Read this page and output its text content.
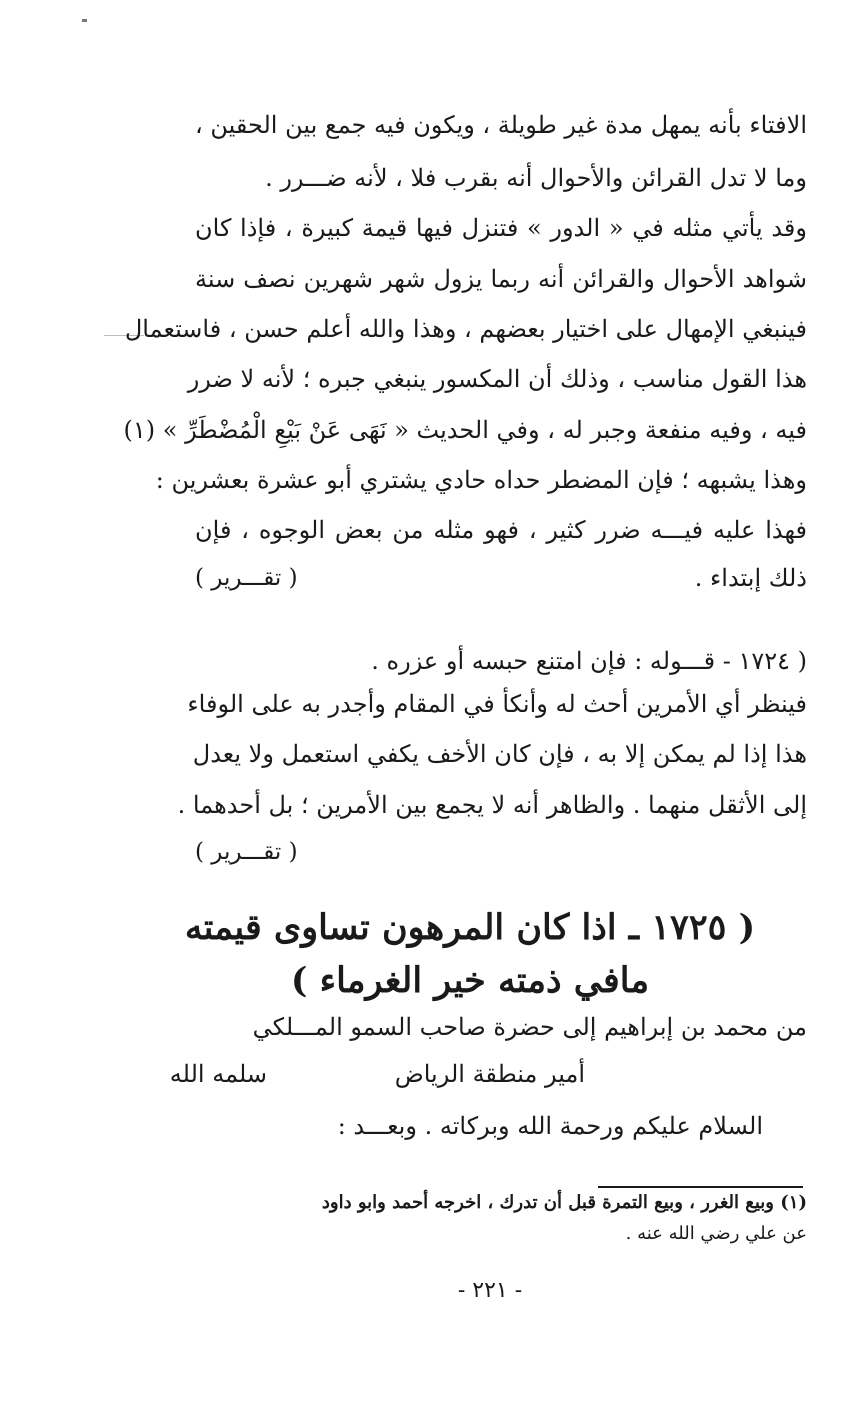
الافتاء بأنه يمهل مدة غير طويلة ، ويكون فيه جمع بين الحقين ،
وما لا تدل القرائن والأحوال أنه بقرب فلا ، لأنه ضـــرر .
وقد يأتي مثله في « الدور » فتنزل فيها قيمة كبيرة ، فإذا كان
شواهد الأحوال والقرائن أنه ربما يزول شهر شهرين نصف سنة
فينبغي الإمهال على اختيار بعضهم ، وهذا والله أعلم حسن ، فاستعمال
هذا القول مناسب ، وذلك أن المكسور ينبغي جبره ؛ لأنه لا ضرر
فيه ، وفيه منفعة وجبر له ، وفي الحديث « نَهَى عَنْ بَيْعِ الْمُضْطَرِّ » (١)
وهذا يشبهه ؛ فإن المضطر حداه حادي يشتري أبو عشرة بعشرين :
فهذا عليه فيـــه ضرر كثير ، فهو مثله من بعض الوجوه ، فإن
ذلك إبتداء .
( تقـــرير )
( ١٧٢٤ - قـــوله : فإن امتنع حبسه أو عزره .
فينظر أي الأمرين أحث له وأنكأ في المقام وأجدر به على الوفاء
هذا إذا لم يمكن إلا به ، فإن كان الأخف يكفي استعمل ولا يعدل
إلى الأثقل منهما . والظاهر أنه لا يجمع بين الأمرين ؛ بل أحدهما .
( تقـــرير )
( ١٧٢٥ ـ اذا كان المرهون تساوى قيمته
مافي ذمته خير الغرماء )
من محمد بن إبراهيم إلى حضرة صاحب السمو المـــلكي
أمير منطقة الرياض
سلمه الله
السلام عليكم ورحمة الله وبركاته . وبعـــد :
(١) وبيع الغرر ، وبيع التمرة قبل أن تدرك ، اخرجه أحمد وابو داود
عن علي رضي الله عنه .
- ٢٢١ -
